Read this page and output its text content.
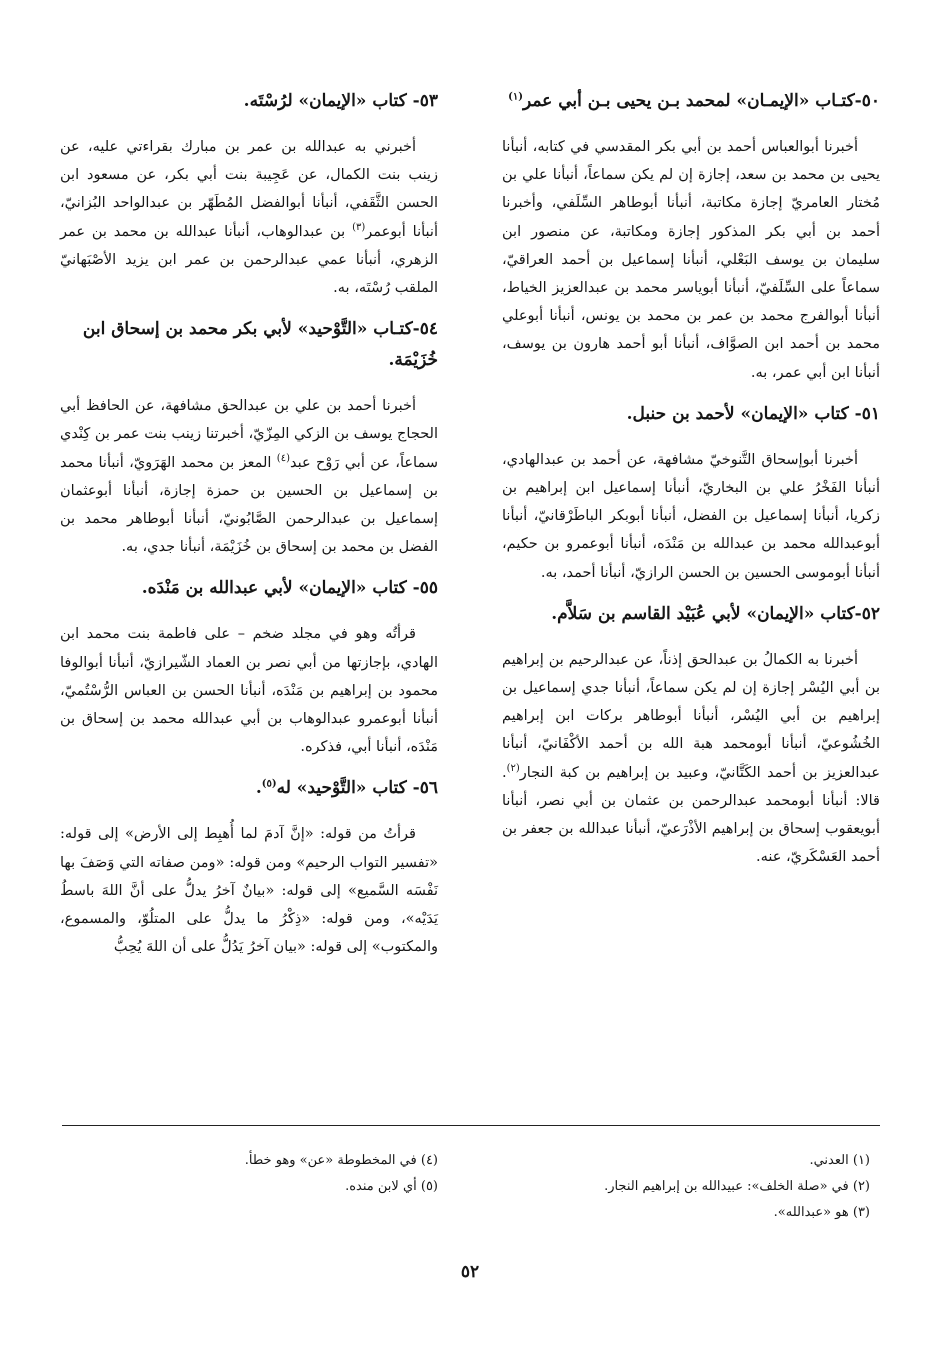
٥٠-كتـاب «الإيمـان» لمحمد بـن يحيى بـن أبي عمر$^{(١)}$

أخبرنا أبوالعباس أحمد بن أبي بكر المقدسي في كتابه، أنبأنا يحيى بن محمد بن سعد، إجازة إن لم يكن سماعاً، أنبأنا علي بن مُختار العامريّ إجازة مكاتبة، أنبأنا أبوطاهر السِّلَفي، وأخبرنا أحمد بن أبي بكر المذكور إجازة ومكاتبة، عن منصور ابن سليمان بن يوسف البَعْلي، أنبأنا إسماعيل بن أحمد العراقيّ، سماعاً على السِّلَفيّ، أنبأنا أبوياسر محمد بن عبدالعزيز الخياط، أنبأنا أبوالفرج محمد بن عمر بن محمد بن يونس، أنبأنا أبوعلي محمد بن أحمد ابن الصوَّاف، أنبأنا أبو أحمد هارون بن يوسف، أنبأنا ابن أبي عمر، به.

٥١- كتاب «الإيمان» لأحمد بن حنبل.

أخبرنا أبوإسحاق التَّنوخيّ مشافهة، عن أحمد بن عبدالهادي، أنبأنا الفَخْرُ علي بن البخاريّ، أنبأنا إسماعيل ابن إبراهيم بن زكريا، أنبأنا إسماعيل بن الفضل، أنبأنا أبوبكر الباطَرْقانيّ، أنبأنا أبوعبدالله محمد بن عبدالله بن مَنْدَه، أنبأنا أبوعمرو بن حكيم، أنبأنا أبوموسى الحسين بن الحسن الرازيّ، أنبأنا أحمد، به.

٥٢-كتاب «الإيمان» لأبي عُبَيْد القاسم بن سَلاَّم.

أخبرنا به الكمالُ بن عبدالحق إذناً، عن عبدالرحيم بن إبراهيم بن أبي اليُسْر إجازة إن لم يكن سماعاً، أنبأنا جدي إسماعيل بن إبراهيم بن أبي اليُسْر، أنبأنا أبوطاهر بركات ابن إبراهيم الخُشُوعيّ، أنبأنا أبومحمد هبة الله بن أحمد الأكْفَانيّ، أنبأنا عبدالعزيز بن أحمد الكَتَّانيّ، وعبيد بن إبراهيم بن كبة النجار$^{(٢)}$. قالا: أنبأنا أبومحمد عبدالرحمن بن عثمان بن أبي نصر، أنبأنا أبويعقوب إسحاق بن إبراهيم الأذْرَعيّ، أنبأنا عبدالله بن جعفر بن أحمد العَسْكَريّ، عنه.

٥٣- كتاب «الإيمان» لرُسْتَه.

أخبرني به عبدالله بن عمر بن مبارك بقراءتي عليه، عن زينب بنت الكمال، عن عَجِيبة بنت أبي بكر، عن مسعود ابن الحسن الثَّقَفي، أنبأنا أبوالفضل المُطَهّر بن عبدالواحد البُزانيّ، أنبأنا أبوعمر$^{(٣)}$ بن عبدالوهاب، أنبأنا عبدالله بن محمد بن عمر الزهري، أنبأنا عمي عبدالرحمن بن عمر ابن يزيد الأصْبَهانيّ الملقب رُسْتَه، به.

٥٤-كتـاب «التَّوْحيد» لأبي بكر محمد بن إسحاق ابن خُزَيْمَة.

أخبرنا أحمد بن علي بن عبدالحق مشافهة، عن الحافظ أبي الحجاج يوسف بن الزكي المِزّيّ، أخبرتنا زينب بنت عمر بن كِنْدي سماعاً، عن أبي رَوْح عبد$^{(٤)}$ المعز بن محمد الهَرَويّ، أنبأنا محمد بن إسماعيل بن الحسين بن حمزة إجازة، أنبأنا أبوعثمان إسماعيل بن عبدالرحمن الصَّابُونيّ، أنبأنا أبوطاهر محمد بن الفضل بن محمد بن إسحاق بن خُزَيْمَة، أنبأنا جدي، به.

٥٥- كتاب «الإيمان» لأبي عبدالله بن مَنْدَه.

قرأتُه وهو في مجلد ضخم – على فاطمة بنت محمد ابن الهادي، بإجازتها من أبي نصر بن العماد الشّيرازيّ، أنبأنا أبوالوفا محمود بن إبراهيم بن مَنْدَه، أنبأنا الحسن بن العباس الرُّسْتُميّ، أنبأنا أبوعمرو عبدالوهاب بن أبي عبدالله محمد بن إسحاق بن مَنْدَه، أنبأنا أبي، فذكره.

٥٦- كتاب «التَّوْحيد» له$^{(٥)}$.

قرأتُ من قوله: «إنَّ آدمَ لما أُهبِط إلى الأرض» إلى قوله: «تفسير التواب الرحيم» ومن قوله: «ومن صفاته التي وَصَفَ بها نَفْسَه السَّميع» إلى قوله: «بيانٌ آخرُ يدلُّ على أنَّ اللهَ باسطُ يَدَيْه»، ومن قوله: «ذِكْرُ ما يدلُّ على المتلُوّ، والمسموع، والمكتوب» إلى قوله: «بيان آخرُ يَدُلُّ على أن اللهَ يُحِبُّ

(١) العدني.

(٢) في «صلة الخلف»: عبيدالله بن إبراهيم النجار.

(٣) هو «عبدالله».

(٤) في المخطوطة «عن» وهو خطأ.

(٥) أي لابن منده.

٥٢
